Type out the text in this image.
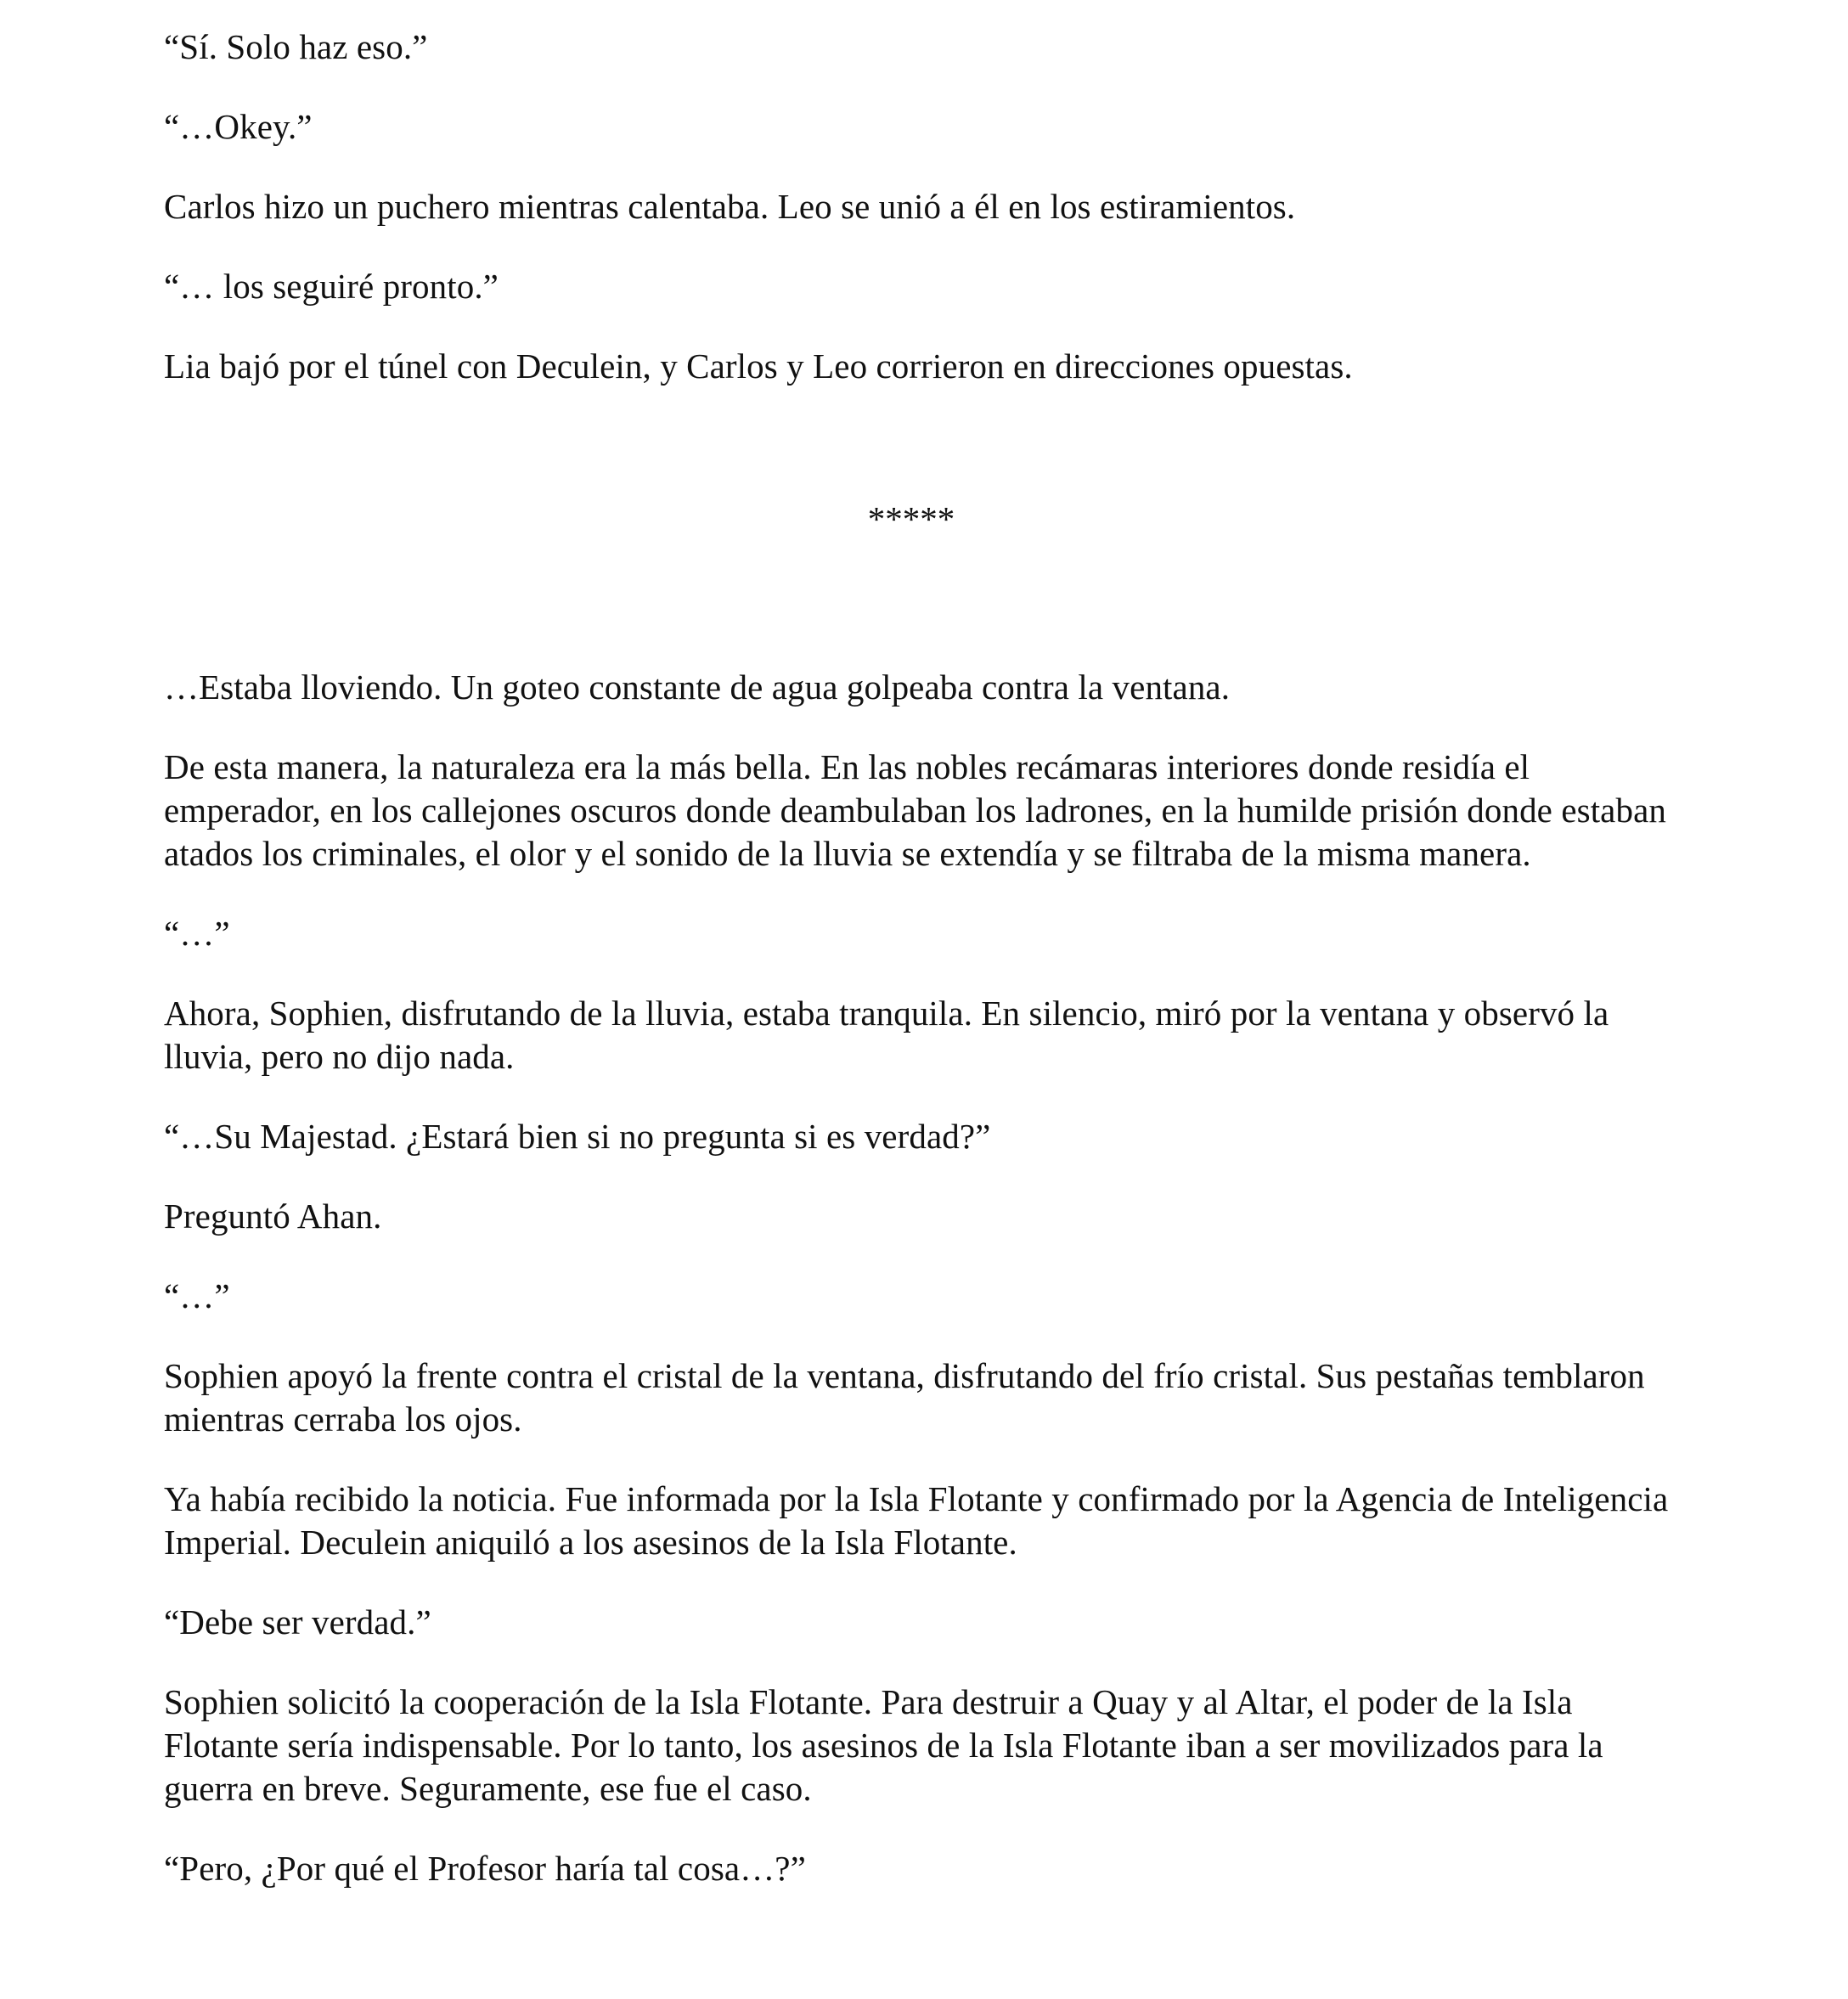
“Sí. Solo haz eso.”

“…Okey.”

Carlos hizo un puchero mientras calentaba. Leo se unió a él en los estiramientos.

“… los seguiré pronto.”

Lia bajó por el túnel con Deculein, y Carlos y Leo corrieron en direcciones opuestas.

*****

…Estaba lloviendo. Un goteo constante de agua golpeaba contra la ventana.

De esta manera, la naturaleza era la más bella. En las nobles recámaras interiores donde residía el emperador, en los callejones oscuros donde deambulaban los ladrones, en la humilde prisión donde estaban atados los criminales, el olor y el sonido de la lluvia se extendía y se filtraba de la misma manera.

“…”

Ahora, Sophien, disfrutando de la lluvia, estaba tranquila. En silencio, miró por la ventana y observó la lluvia, pero no dijo nada.

“…Su Majestad. ¿Estará bien si no pregunta si es verdad?”

Preguntó Ahan.

“…”

Sophien apoyó la frente contra el cristal de la ventana, disfrutando del frío cristal. Sus pestañas temblaron mientras cerraba los ojos.

Ya había recibido la noticia. Fue informada por la Isla Flotante y confirmado por la Agencia de Inteligencia Imperial. Deculein aniquiló a los asesinos de la Isla Flotante.

“Debe ser verdad.”

Sophien solicitó la cooperación de la Isla Flotante. Para destruir a Quay y al Altar, el poder de la Isla Flotante sería indispensable. Por lo tanto, los asesinos de la Isla Flotante iban a ser movilizados para la guerra en breve. Seguramente, ese fue el caso.

“Pero, ¿Por qué el Profesor haría tal cosa…?”
